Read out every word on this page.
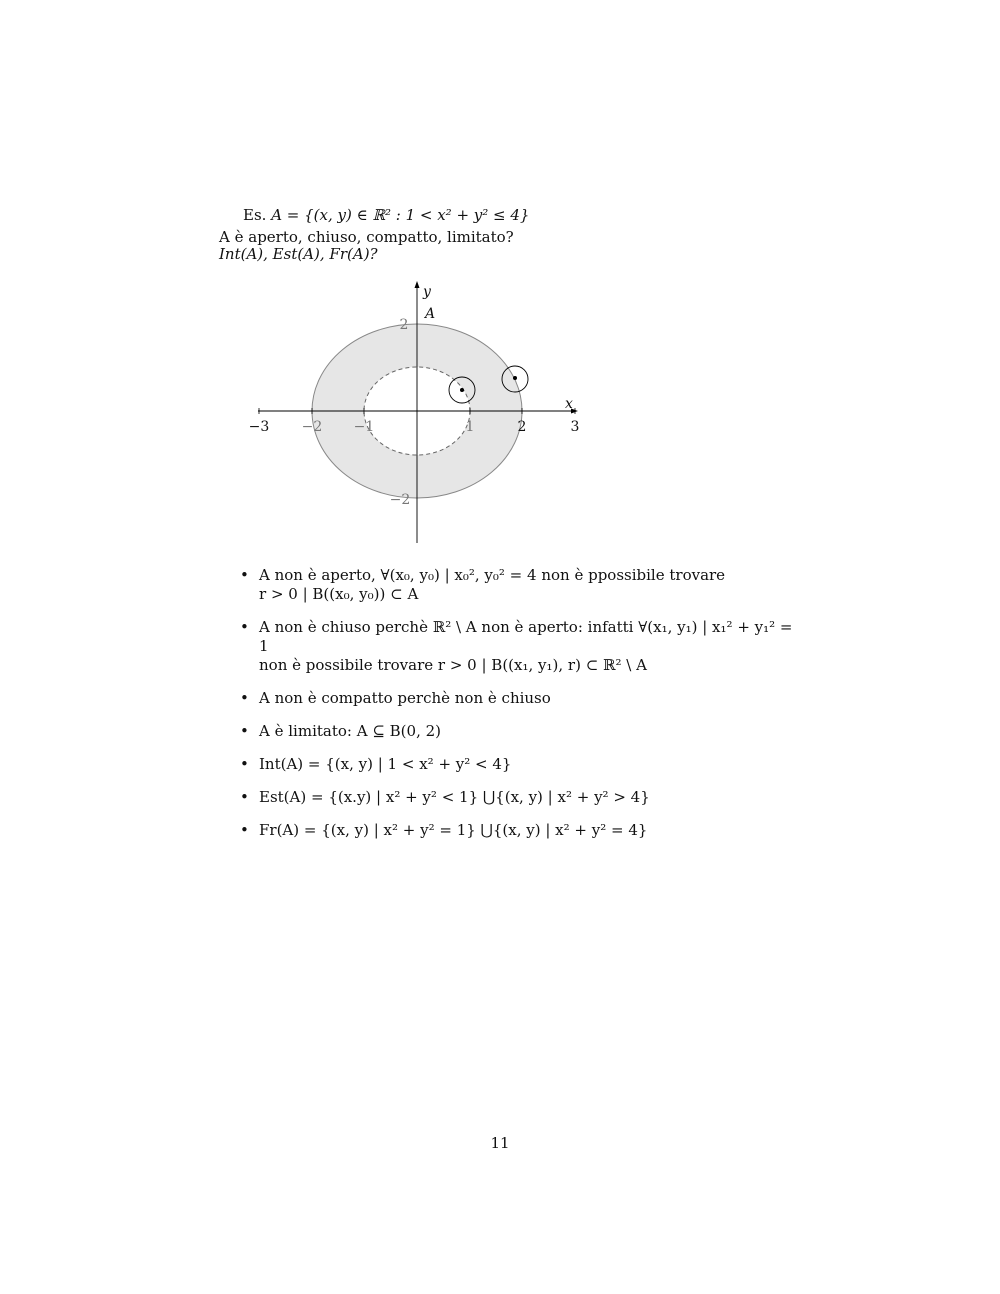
Es. A = {(x, y) ∈ ℝ² : 1 < x² + y² ≤ 4}
A è aperto, chiuso, compatto, limitato?
Int(A), Est(A), Fr(A)?
−3 −2 −1	1	2	3
2
−2
x
y
A
• A non è aperto, ∀(x₀, y₀) | x₀², y₀² = 4 non è ppossibile trovare
r > 0 | B((x₀, y₀)) ⊂ A
• A non è chiuso perchè ℝ² \ A non è aperto: infatti ∀(x₁, y₁) | x₁² + y₁² = 1
non è possibile trovare r > 0 | B((x₁, y₁), r) ⊂ ℝ² \ A
• A non è compatto perchè non è chiuso
• A è limitato: A ⊆ B(0, 2)
• Int(A) = {(x, y) | 1 < x² + y² < 4}
• Est(A) = {(x.y) | x² + y² < 1} ⋃{(x, y) | x² + y² > 4}
• Fr(A) = {(x, y) | x² + y² = 1} ⋃{(x, y) | x² + y² = 4}
11
